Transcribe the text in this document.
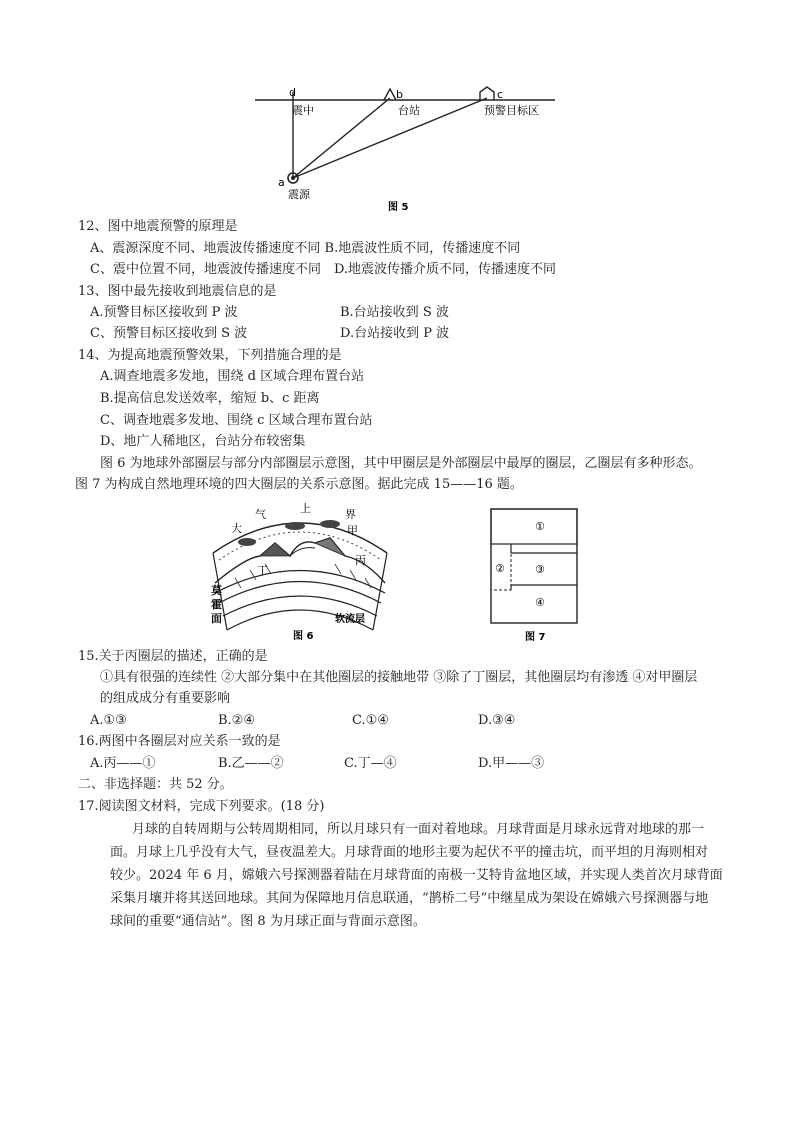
d
震中
b
台站
c
预警目标区
a
震源
图 5
12、图中地震预警的原理是
A、震源深度不同、地震波传播速度不同 B.地震波性质不同，传播速度不同
C、震中位置不同，地震波传播速度不同　D.地震波传播介质不同，传播速度不同
13、图中最先接收到地震信息的是
A.预警目标区接收到 P 波	B.台站接收到 S 波
C、预警目标区接收到 S 波	D.台站接收到 P 波
14、为提高地震预警效果，下列措施合理的是
A.调查地震多发地，围绕 d 区域合理布置台站
B.提高信息发送效率，缩短 b、c 距离
C、调查地震多发地、围绕 c 区域合理布置台站
D、地广人稀地区，台站分布较密集
图 6 为地球外部圈层与部分内部圈层示意图，其中甲圈层是外部圈层中最厚的圈层，乙圈层有多种形态。
图 7 为构成自然地理环境的四大圈层的关系示意图。据此完成 15——16 题。
大
气	上	界
甲
丙
丁
莫
霍
面	软流层
图 6
①
②	③
④
图 7
15.关于丙圈层的描述，正确的是
①具有很强的连续性 ②大部分集中在其他圈层的接触地带 ③除了丁圈层，其他圈层均有渗透 ④对甲圈层
的组成成分有重要影响
A.①③	B.②④	C.①④	D.③④
16.两图中各圈层对应关系一致的是
A.丙——①	B.乙——②	C.丁—④	D.甲——③
二、非选择题：共 52 分。
17.阅读图文材料，完成下列要求。(18 分)
月球的自转周期与公转周期相同，所以月球只有一面对着地球。月球背面是月球永远背对地球的那一
面。月球上几乎没有大气，昼夜温差大。月球背面的地形主要为起伏不平的撞击坑，而平坦的月海则相对
较少。2024 年 6 月，嫦娥六号探测器着陆在月球背面的南极一艾特肯盆地区域，并实现人类首次月球背面
采集月壤并将其送回地球。其间为保障地月信息联通，“鹊桥二号”中继星成为架设在嫦娥六号探测器与地
球间的重要“通信站”。图 8 为月球正面与背面示意图。
